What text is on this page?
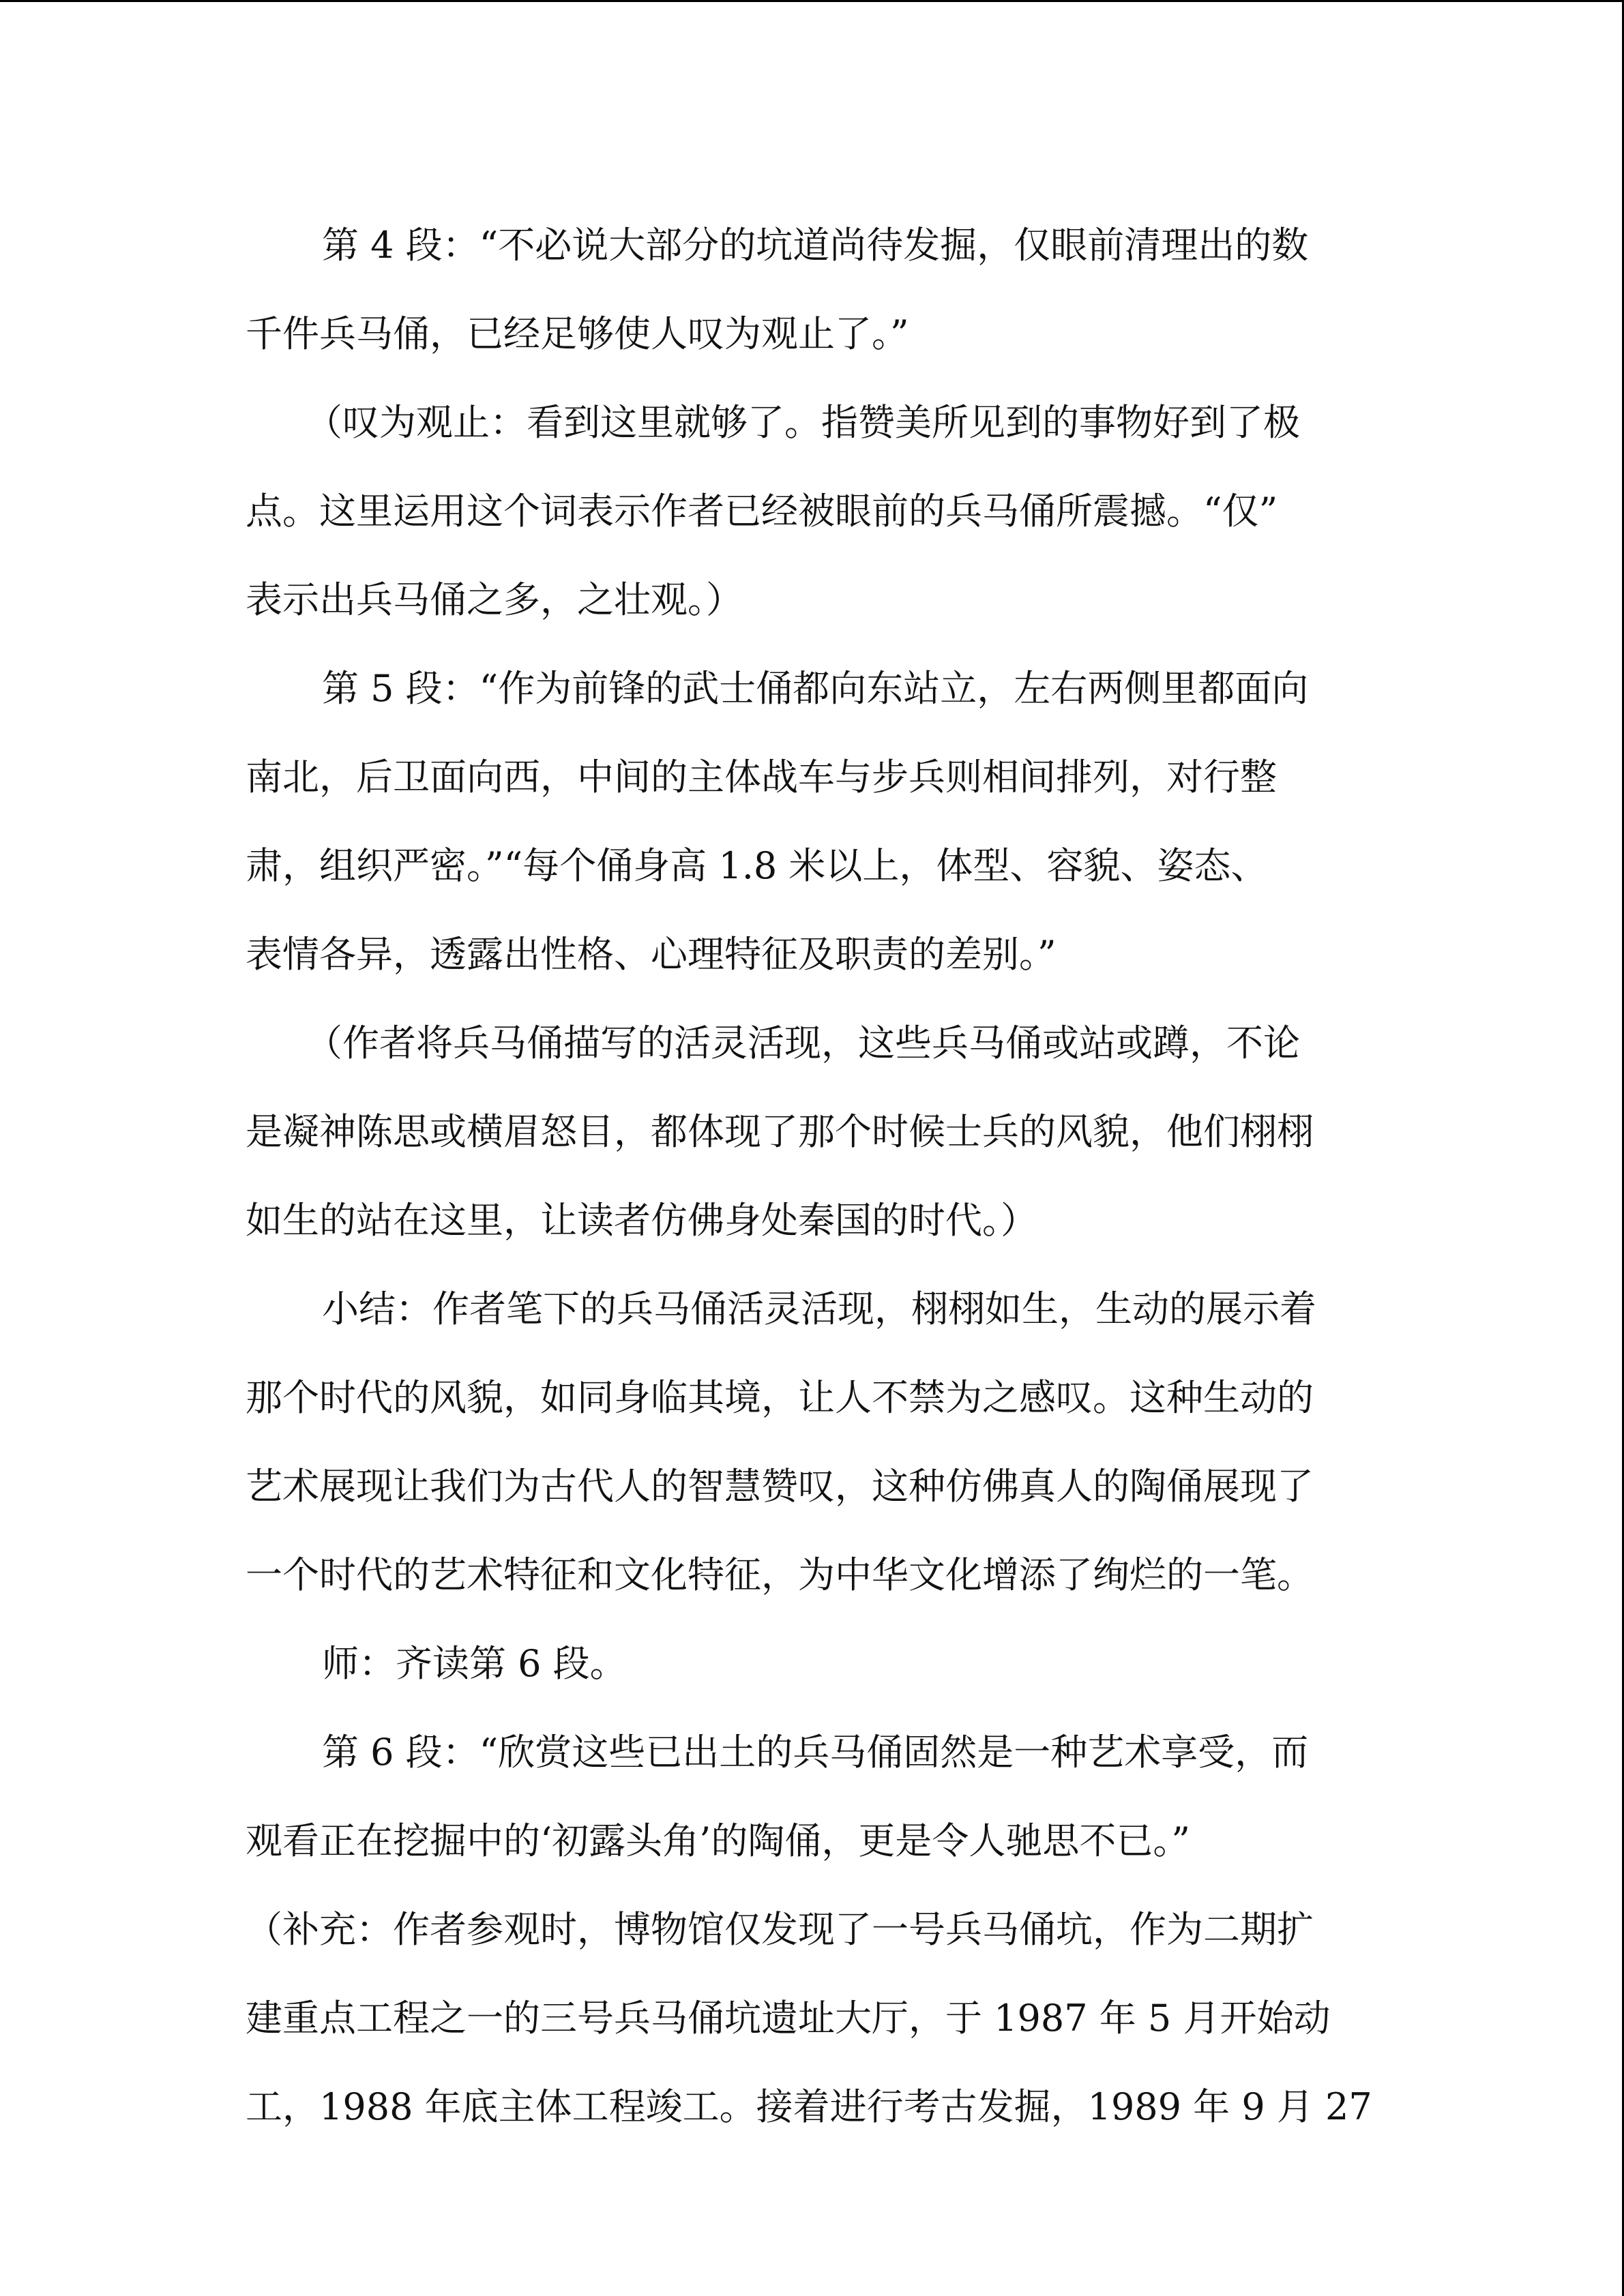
第 4 段：“不必说大部分的坑道尚待发掘，仅眼前清理出的数
千件兵马俑，已经足够使人叹为观止了。”

（叹为观止：看到这里就够了。指赞美所见到的事物好到了极
点。这里运用这个词表示作者已经被眼前的兵马俑所震撼。“仅”
表示出兵马俑之多，之壮观。）

第 5 段：“作为前锋的武士俑都向东站立，左右两侧里都面向
南北，后卫面向西，中间的主体战车与步兵则相间排列，对行整
肃，组织严密。”“每个俑身高 1.8 米以上，体型、容貌、姿态、
表情各异，透露出性格、心理特征及职责的差别。”

（作者将兵马俑描写的活灵活现，这些兵马俑或站或蹲，不论
是凝神陈思或横眉怒目，都体现了那个时候士兵的风貌，他们栩栩
如生的站在这里，让读者仿佛身处秦国的时代。）

小结：作者笔下的兵马俑活灵活现，栩栩如生，生动的展示着
那个时代的风貌，如同身临其境，让人不禁为之感叹。这种生动的
艺术展现让我们为古代人的智慧赞叹，这种仿佛真人的陶俑展现了
一个时代的艺术特征和文化特征，为中华文化增添了绚烂的一笔。

师：齐读第 6 段。

第 6 段：“欣赏这些已出土的兵马俑固然是一种艺术享受，而
观看正在挖掘中的‘初露头角’的陶俑，更是令人驰思不已。”

（补充：作者参观时，博物馆仅发现了一号兵马俑坑，作为二期扩
建重点工程之一的三号兵马俑坑遗址大厅，于 1987 年 5 月开始动
工，1988 年底主体工程竣工。接着进行考古发掘，1989 年 9 月 27
